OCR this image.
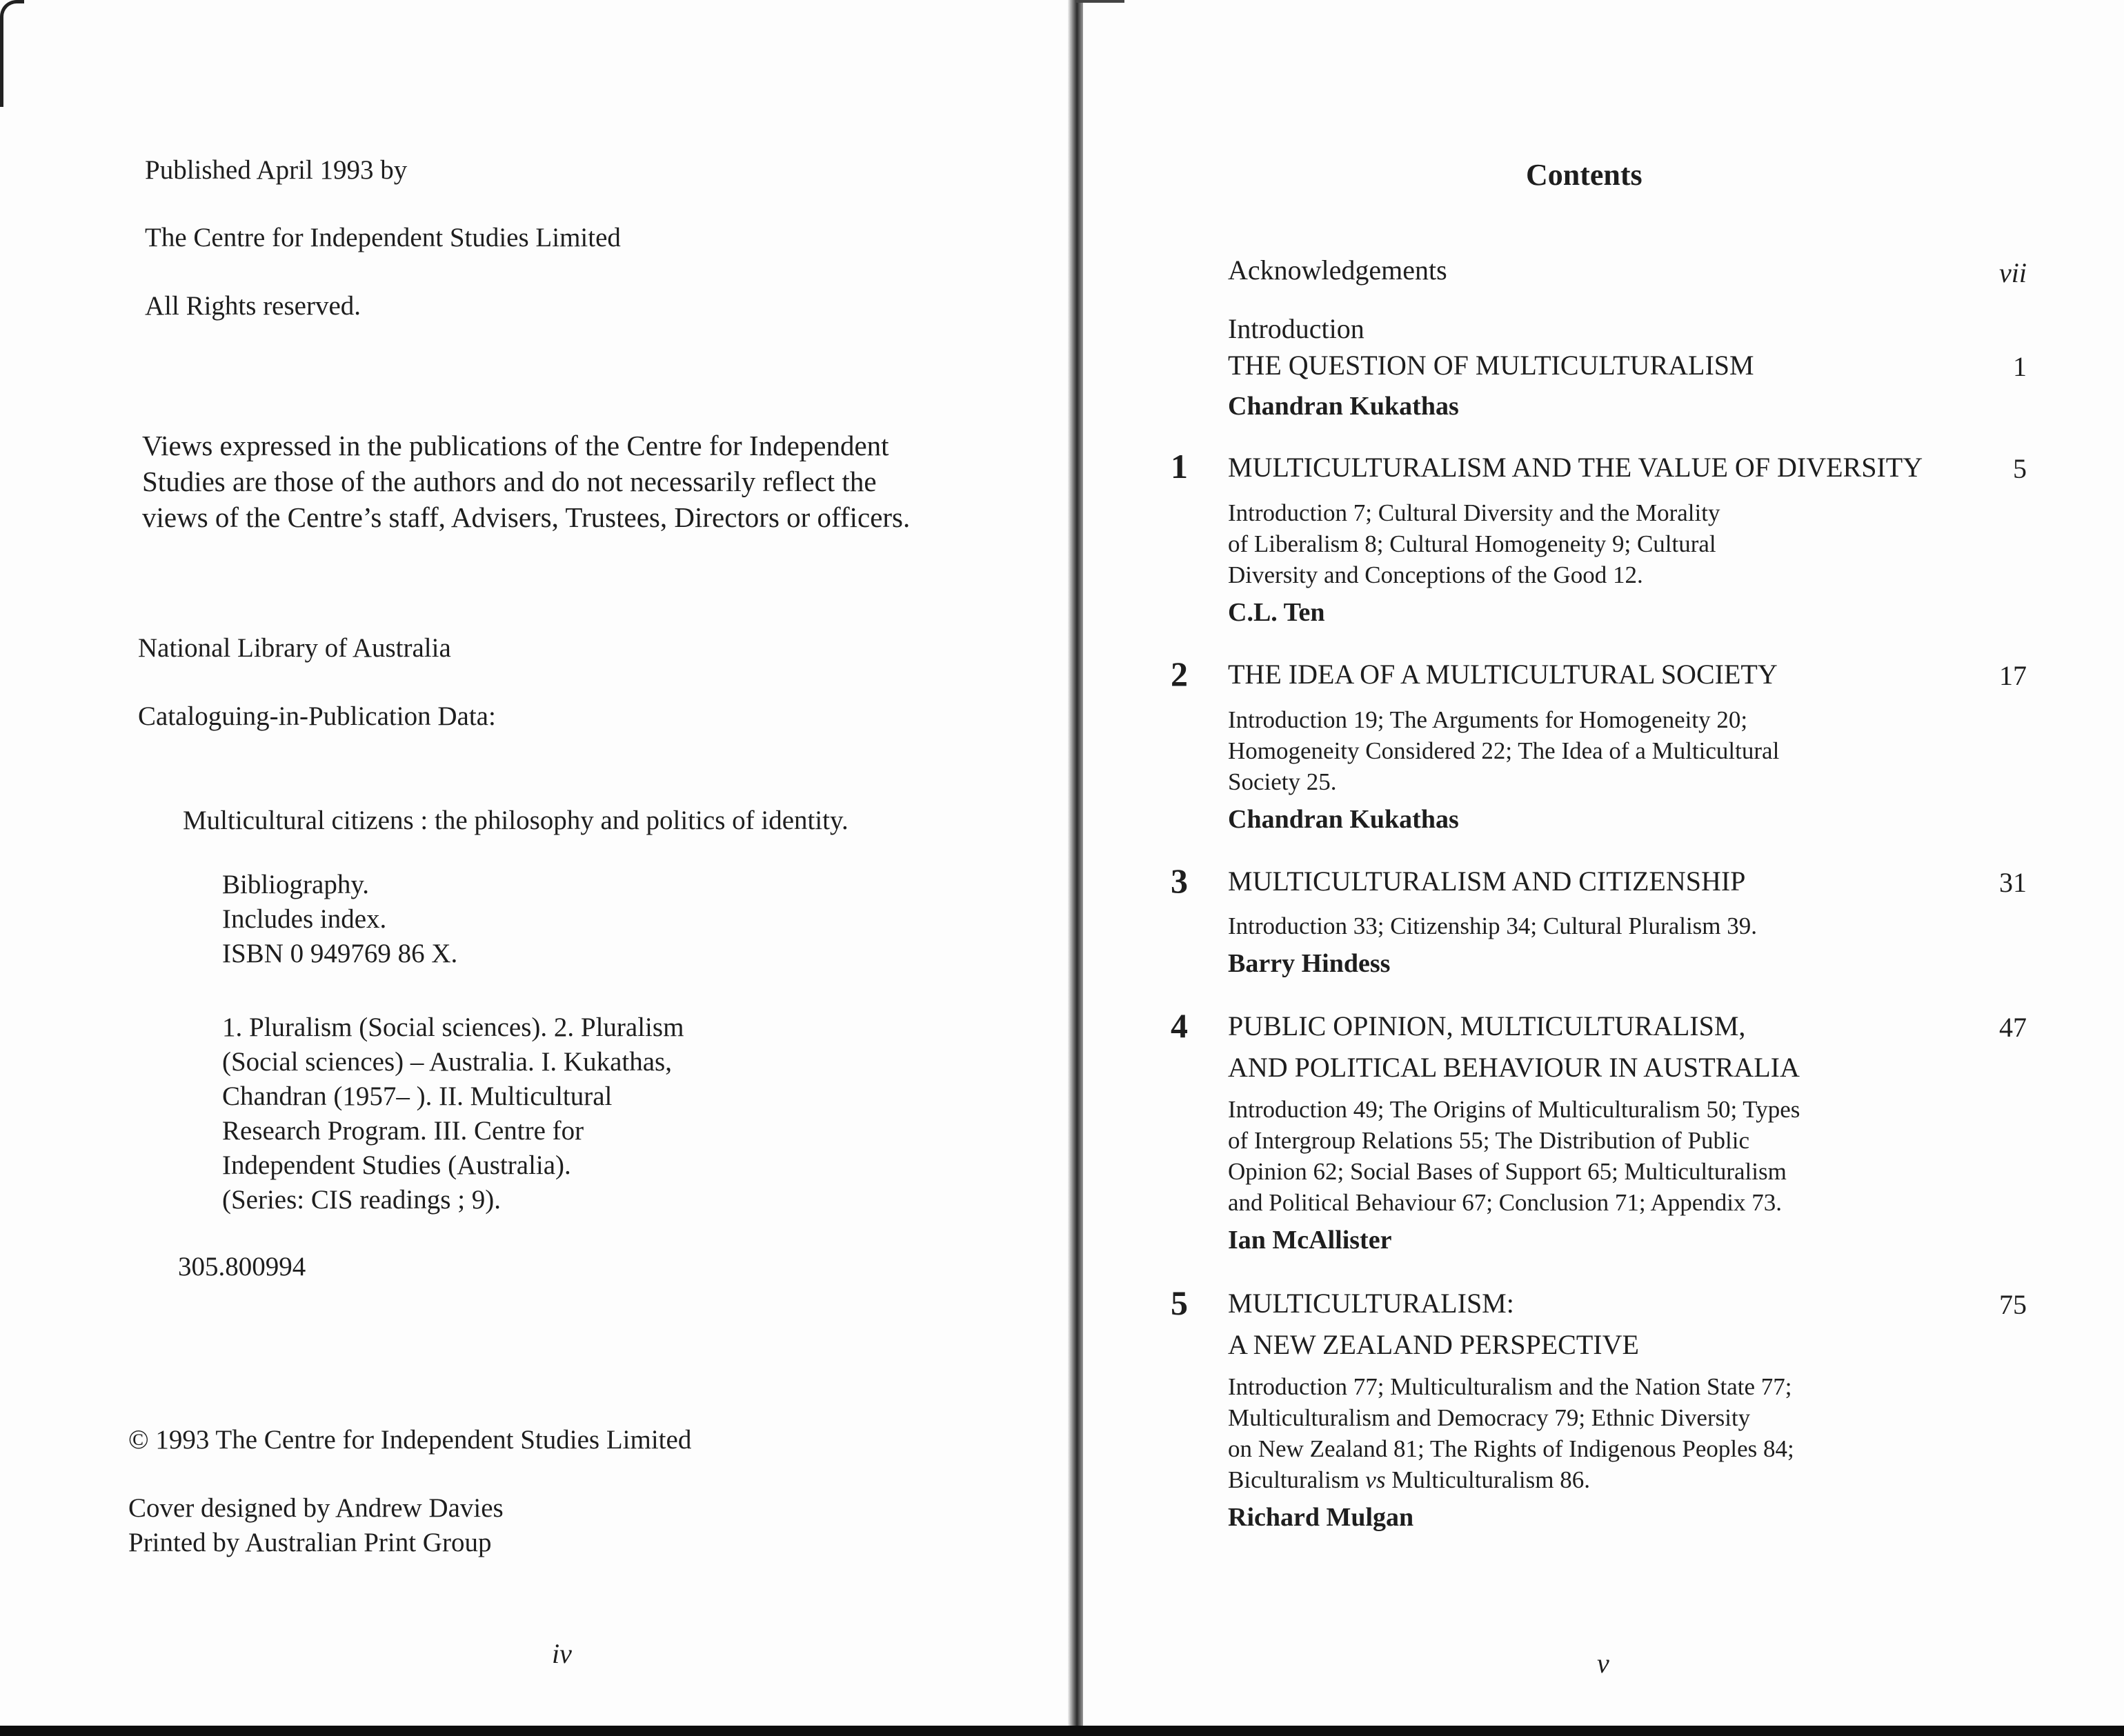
Published April 1993 by
The Centre for Independent Studies Limited
All Rights reserved.
Views expressed in the publications of the Centre for Independent
Studies are those of the authors and do not necessarily reflect the
views of the Centre’s staff, Advisers, Trustees, Directors or officers.
National Library of Australia
Cataloguing-in-Publication Data:
Multicultural citizens : the philosophy and politics of identity.
Bibliography.
Includes index.
ISBN 0 949769 86 X.
1. Pluralism (Social sciences). 2. Pluralism
(Social sciences) – Australia. I. Kukathas,
Chandran (1957– ). II. Multicultural
Research Program. III. Centre for
Independent Studies (Australia).
(Series: CIS readings ; 9).
305.800994
© 1993 The Centre for Independent Studies Limited
Cover designed by Andrew Davies
Printed by Australian Print Group
iv
Contents
Acknowledgements	vii
Introduction
THE QUESTION OF MULTICULTURALISM	1
Chandran Kukathas
1 MULTICULTURALISM AND THE VALUE OF DIVERSITY	5
Introduction 7; Cultural Diversity and the Morality
of Liberalism 8; Cultural Homogeneity 9; Cultural
Diversity and Conceptions of the Good 12.
C.L. Ten
2 THE IDEA OF A MULTICULTURAL SOCIETY	17
Introduction 19; The Arguments for Homogeneity 20;
Homogeneity Considered 22; The Idea of a Multicultural
Society 25.
Chandran Kukathas
3 MULTICULTURALISM AND CITIZENSHIP	31
Introduction 33; Citizenship 34; Cultural Pluralism 39.
Barry Hindess
4 PUBLIC OPINION, MULTICULTURALISM,
AND POLITICAL BEHAVIOUR IN AUSTRALIA
47
Introduction 49; The Origins of Multiculturalism 50; Types
of Intergroup Relations 55; The Distribution of Public
Opinion 62; Social Bases of Support 65; Multiculturalism
and Political Behaviour 67; Conclusion 71; Appendix 73.
Ian McAllister
5 MULTICULTURALISM:
A NEW ZEALAND PERSPECTIVE
75
Introduction 77; Multiculturalism and the Nation State 77;
Multiculturalism and Democracy 79; Ethnic Diversity
on New Zealand 81; The Rights of Indigenous Peoples 84;
Biculturalism vs Multiculturalism 86.
Richard Mulgan
v
